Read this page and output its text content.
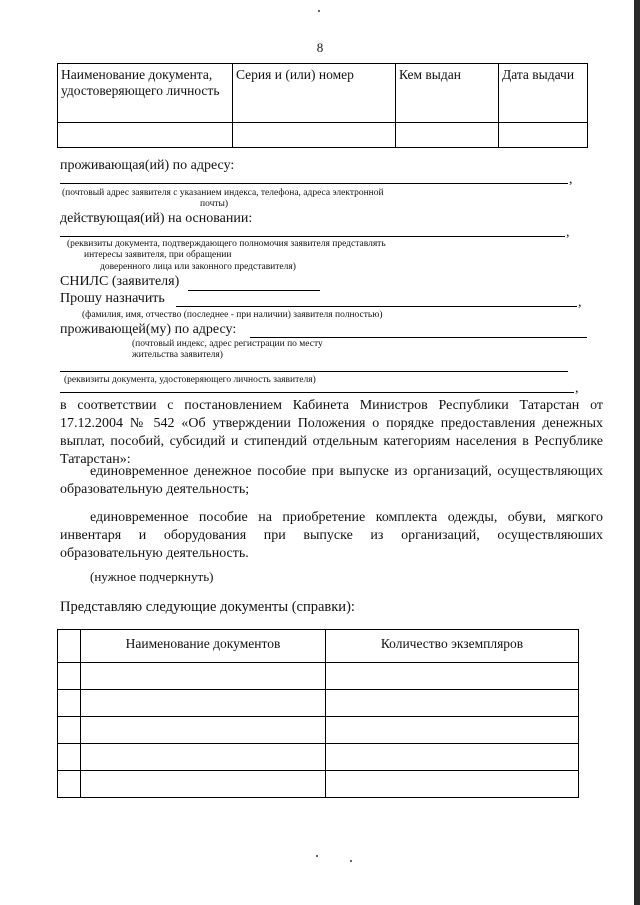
8
Наименование документа, удостоверяющего личность	Серия и (или) номер	Кем выдан	Дата выдачи

проживающая(ий) по адресу:
,
(почтовый адрес заявителя с указанием индекса, телефона, адреса электронной
почты)
действующая(ий) на основании:
,
(реквизиты документа, подтверждающего полномочия заявителя представлять
интересы заявителя, при обращении
доверенного лица или законного представителя)
СНИЛС (заявителя)
Прошу назначить	,
(фамилия, имя, отчество (последнее - при наличии) заявителя полностью)
проживающей(му) по адресу:
(почтовый индекс, адрес регистрации по месту
жительства заявителя)
(реквизиты документа, удостоверяющего личность заявителя)
,
в соответствии с постановлением Кабинета Министров Республики Татарстан от 17.12.2004 № 542 «Об утверждении Положения о порядке предоставления денежных выплат, пособий, субсидий и стипендий отдельным категориям населения в Республике Татарстан»:
единовременное денежное пособие при выпуске из организаций, осуществляющих образовательную деятельность;
единовременное пособие на приобретение комплекта одежды, обуви, мягкого инвентаря и оборудования при выпуске из организаций, осуществляюших образовательную деятельность.
(нужное подчеркнуть)
Представляю следующие документы (справки):
	Наименование документов	Количество экземпляров
